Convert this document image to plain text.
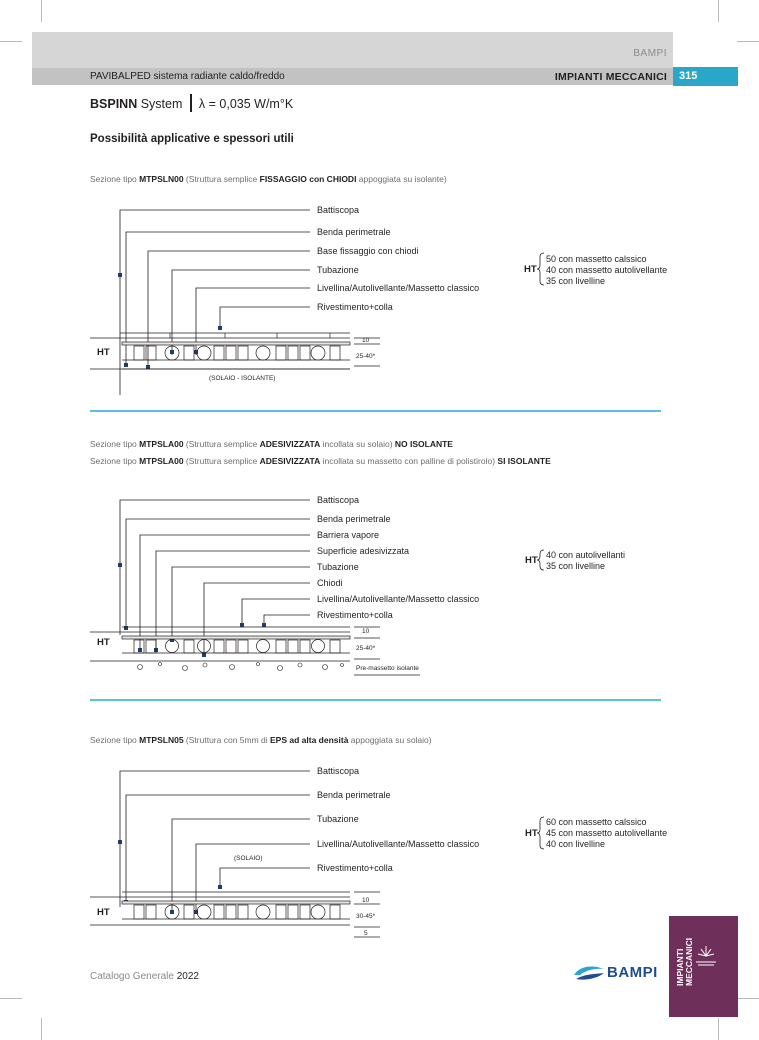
BAMPI
PAVIBALPED sistema radiante caldo/freddo	IMPIANTI MECCANICI	315
BSPINN System λ = 0,035 W/m°K
Possibilità applicative e spessori utili
Sezione tipo MTPSLN00 (Struttura semplice FISSAGGIO con CHIODI appoggiata su isolante)
Sezione tipo MTPSLA00 (Struttura semplice ADESIVIZZATA incollata su solaio) NO ISOLANTE
Sezione tipo MTPSLA00 (Struttura semplice ADESIVIZZATA incollata su massetto con palline di polistirolo) SI ISOLANTE
Sezione tipo MTPSLN05 (Struttura con 5mm di EPS ad alta densità appoggiata su solaio)
Battiscopa
Benda perimetrale
Base fissaggio con chiodi
Tubazione
Livellina/Autolivellante/Massetto classico
Rivestimento+colla
HT
10
25-40*
(SOLAIO - ISOLANTE)
HT
50 con massetto calssico
40 con massetto autolivellante
35 con livelline
Battiscopa
Benda perimetrale
Barriera vapore
Superficie adesivizzata
Tubazione
Chiodi
Livellina/Autolivellante/Massetto classico
Rivestimento+colla
HT
10
25-40*
Pre-massetto isolante
HT 40 con autolivellanti
35 con livelline
Battiscopa
Benda perimetrale
Tubazione
Livellina/Autolivellante/Massetto classico
Rivestimento+colla
(SOLAIO)
HT
10
30-45*
5
HT
60 con massetto calssico
45 con massetto autolivellante
40 con livelline
Catalogo Generale 2022	BAMPI IMPIANTI MECCANICI
